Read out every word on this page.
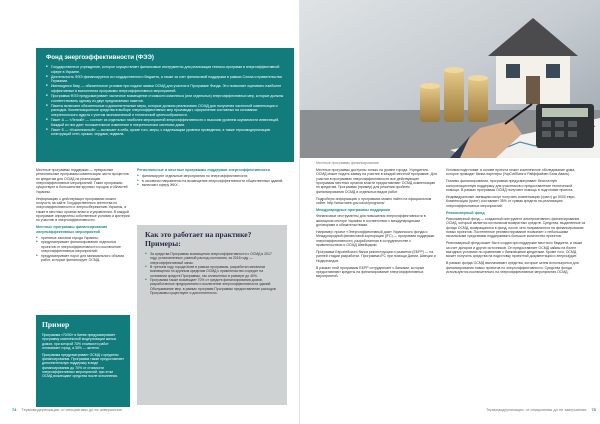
Фонд энергоэффективности (ФЭЭ)
■ Государственное учреждение, которое осуществляет финансовые инструменты для реализации технико-программ в энергоэффективной сфере в Украине.
■ Деятельность ФЭЭ финансируется из государственного бюджета, а также за счет финансовой поддержки в рамках Союза и правительства Германии.
■ Имеющуюся базу — обязательное условие при подаче заявки ОСМД для участия в Программе Фонда. Это позволяет оценивать наиболее эффективные в выполнении программы энергоэффективных мероприятий.
■ Программа ФЭЭ предусматривает частичное возмещение стоимости комплекса (или отдельных) энергоэффективных мер, которые должны соответствовать одному из двух предлагаемых пакетов.
■ Пакеты включают обязательные и дополнительные меры, которые должны реализовать ОСМД для получения частичной компенсации и расходов. Компенсационные средства в выборе энергоэффективных мер производят, оформление составных на основании энергетического аудита с учетом экономической и технической целесообразности.
■ Пакет А — «Легкий» — состоит из отдельных наиболее мероприятий энергоэффективности с высоким уровнем окупаемости инвестиций. Каждый из них дает положительное изменение в энергетических системах дома.
■ Пакет Б — «Комплексный» — включает в себя, кроме того, меры, с надлежащим уровнем проведения, а также термомодернизацию конструкций стен, крыши, чердака, подвала.

Местные программы поддержки — прекрасные региональные программы компенсации части процентов по кредитам для ОСМД на реализацию энергоэффективных мероприятий. Такие программы существуют в большинстве крупных городов и областей Украины.

Информацию о действующих программах можно получить на сайте Государственного агентства по энергоэффективности и энергосбережению Украины, а также в местных органах власти и управления. В каждой программе определены собственные условия и критерии по участию в энергоэффективности.

Местные программы финансирования энергоэффективных мероприятий
■ принятые законом города Украины;
■ предусматривает финансирование отдельных проектов от энергоэффективности и исключение энергоэффективных мероприятий;
■ предусматривает порог для минимального объема работ, которые финансирует ОСМД.
Региональные и местные программы поддержки энергоэффективности
■ финансируют отдельные мероприятия по энергоэффективности;
■ в основном направлены на возмещение энергоэффективности общественных зданий;
■ включают сферу ЖКХ.
Как это работает на практике? Примеры:
■ За средства Программы возмещения энергоэффективности с ОСМД в 2017 году, установленных, равный расход состоянию, за 2018 году — энергоэффективный запас.
■ В третьем году города Киев в рамках программы, разработан механизм возмещения по крупным кредитам ОСМД с правительство и кредит на основании средств Программы, так оплаченных в размере до 40%.
■ Программа также возмещает 70% от средств финансирования домов, разработанные предприятием и исключение энергоэффективности зданий. Обслуживание мер, в рамках программ Программы предоставление расходов Программы существуют и дополнительно.
Пример

Программа «70/30» в Киеве предусматривает программу комплексной модернизации жилых домов, при которой 70% стоимости работ оплачивает город, а 30% — жители.

Программа предусматривает ОСМД с кредитом финансирования. Программа также предоставляет дополнительную поддержку в виде финансирования до 70% от стоимости энергоэффективных мероприятий, при этом ОСМД возмещают средства после исполнения.

74 Термомодернизация: от инициативы до ее завершения
Местные программы финансирования

Местные программы доступны только на уровне города. Учредитель ОСМД может подать заявку на участие в каждой местной программе. Для участия в программах энергоэффективности все действующие программы местных органов власти предоставляют ОСМД компенсацию по кредитам. Программы (пример) для решения проблем финансирования ОСМД и отдельных видов работ.

Подробную информацию о программах можно найти на официальном сайте: http://www.saee.gov.ua/uk/programs/

Международные программы поддержки

Финансовые инструменты для повышения энергоэффективности в жилищном секторе Украины в соответствии с международными договорами и обязательствами.

Например: проект «Энергоэффективный дом» Украинского фонда и Международной финансовой корпорации (IFC) — программа поддержки энергоэффективности, разработанная в сотрудничестве с правительством и ОСМД Швейцарии.

Программа Европейского банка реконструкции и развития (ЕБРР) — на ранней стадии разработки. Программа IFC при помощи Дании, Швеции и Нидерландов.

В рамках этой программы ЕБРР сотрудничает с банками, которые предоставляют кредиты на финансирование энергоэффективных мероприятий.

Условия подготовки: в основе проекта лежит комплексное обследование дома, которое проводят банки-партнеры (УкрСиббанк и Райффайзен Банк Аваль).

Помимо финансирования, программа предусматривает бесплатную консультационную поддержку для участников и предоставление технической помощи. В рамках программы ОСМД получают помощь в подготовке проекта.

Индивидуальные заемщики могут получить компенсацию (грант) до 5000 евро. Компенсация (грант) составляет 35% от суммы кредита на реализацию энергоэффективных мероприятий.

Револьверный фонд

Револьверный фонд — созданный инструмент альтернативного финансирования ОСМД, который является источником возвратных средств. Средства, выделенные из фонда ОСМД, возвращаются в фонд, после чего направляются на финансирование новых проектов. Постепенное реинвестирование позволяет с небольшими начальными средствами поддерживать большое количество проектов.

Револьверный фонд может быть создан при поддержке местного бюджета, а также за счет доноров и других источников. Он предоставляет ОСМД займы на более выгодных условиях по сравнению с банковскими кредитами. Кроме того, ОСМД может получить средства на подготовку проектной документации и энергоаудит.

В рамках фонда ОСМД выплачивают средства, которые затем используются для финансирования новых проектов по энергоэффективности. Средства фонда используются исключительно на энергоэффективные мероприятия ОСМД.

Термомодернизация: от инициативы до ее завершения 75
